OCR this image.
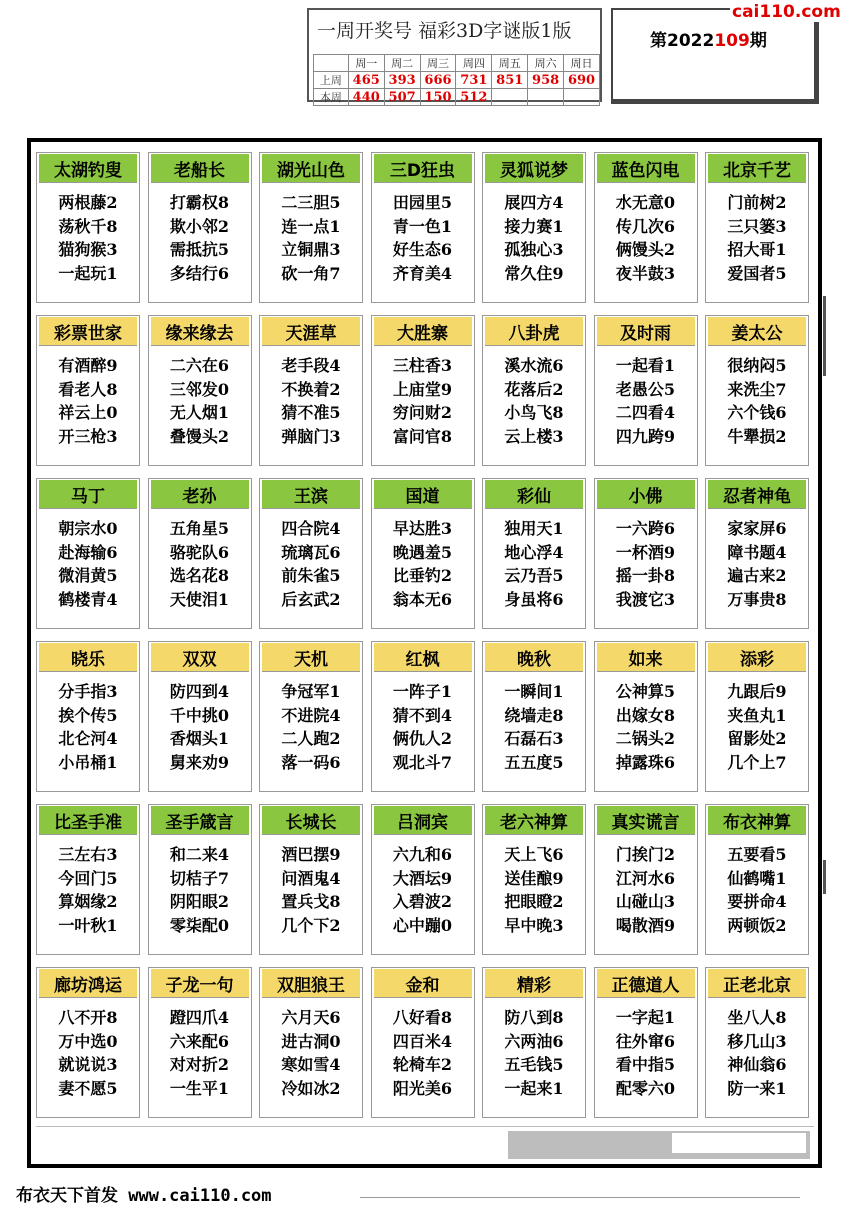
一周开奖号 福彩3D字谜版1版
	周一	周二	周三	周四	周五	周六	周日
上周	465	393	666	731	851	958	690
本周	440	507	150	512			
第2022109期
cai110.com
太湖钓叟
两根藤2
荡秋千8
猫狗猴3
一起玩1
老船长
打霸权8
欺小邻2
需抵抗5
多结行6
湖光山色
二三胆5
连一点1
立铜鼎3
砍一角7
三D狂虫
田园里5
青一色1
好生态6
齐育美4
灵狐说梦
展四方4
接力赛1
孤独心3
常久住9
蓝色闪电
水无意0
传几次6
俩馒头2
夜半鼓3
北京千艺
门前树2
三只篓3
招大哥1
爱国者5
彩票世家
有酒醉9
看老人8
祥云上0
开三枪3
缘来缘去
二六在6
三邻发0
无人烟1
叠馒头2
天涯草
老手段4
不换着2
猜不准5
弹脑门3
大胜寨
三柱香3
上庙堂9
穷问财2
富问官8
八卦虎
溪水流6
花落后2
小鸟飞8
云上楼3
及时雨
一起看1
老愚公5
二四看4
四九跨9
姜太公
很纳闷5
来洗尘7
六个钱6
牛犟损2
马丁
朝宗水0
赴海输6
微涓黄5
鹤楼青4
老孙
五角星5
骆驼队6
选名花8
天使泪1
王滨
四合院4
琉璃瓦6
前朱雀5
后玄武2
国道
早达胜3
晚遇羞5
比垂钓2
翁本无6
彩仙
独用天1
地心浮4
云乃吾5
身虽将6
小佛
一六跨6
一杯酒9
摇一卦8
我渡它3
忍者神龟
家家屏6
障书题4
遍古来2
万事贵8
晓乐
分手指3
挨个传5
北仑河4
小吊桶1
双双
防四到4
千中挑0
香烟头1
舅来劝9
天机
争冠军1
不进院4
二人跑2
落一码6
红枫
一阵子1
猜不到4
俩仇人2
观北斗7
晚秋
一瞬间1
绕墙走8
石磊石3
五五度5
如来
公神算5
出嫁女8
二锅头2
掉露珠6
添彩
九跟后9
夹鱼丸1
留影处2
几个上7
比圣手准
三左右3
今回门5
算姻缘2
一叶秋1
圣手箴言
和二来4
切桔子7
阴阳眼2
零柒配0
长城长
酒巴摆9
问酒鬼4
置兵戈8
几个下2
吕洞宾
六九和6
大酒坛9
入碧波2
心中蹦0
老六神算
天上飞6
送佳酿9
把眼瞪2
早中晚3
真实谎言
门挨门2
江河水6
山碰山3
喝散酒9
布衣神算
五要看5
仙鹤嘴1
要拼命4
两顿饭2
廊坊鸿运
八不开8
万中选0
就说说3
妻不愿5
子龙一句
蹬四爪4
六来配6
对对折2
一生平1
双胆狼王
六月天6
进古洞0
寒如雪4
冷如冰2
金和
八好看8
四百米4
轮椅车2
阳光美6
精彩
防八到8
六两油6
五毛钱5
一起来1
正德道人
一字起1
往外窜6
看中指5
配零六0
正老北京
坐八人8
移几山3
神仙翁6
防一来1
布衣天下首发 www.cai110.com
